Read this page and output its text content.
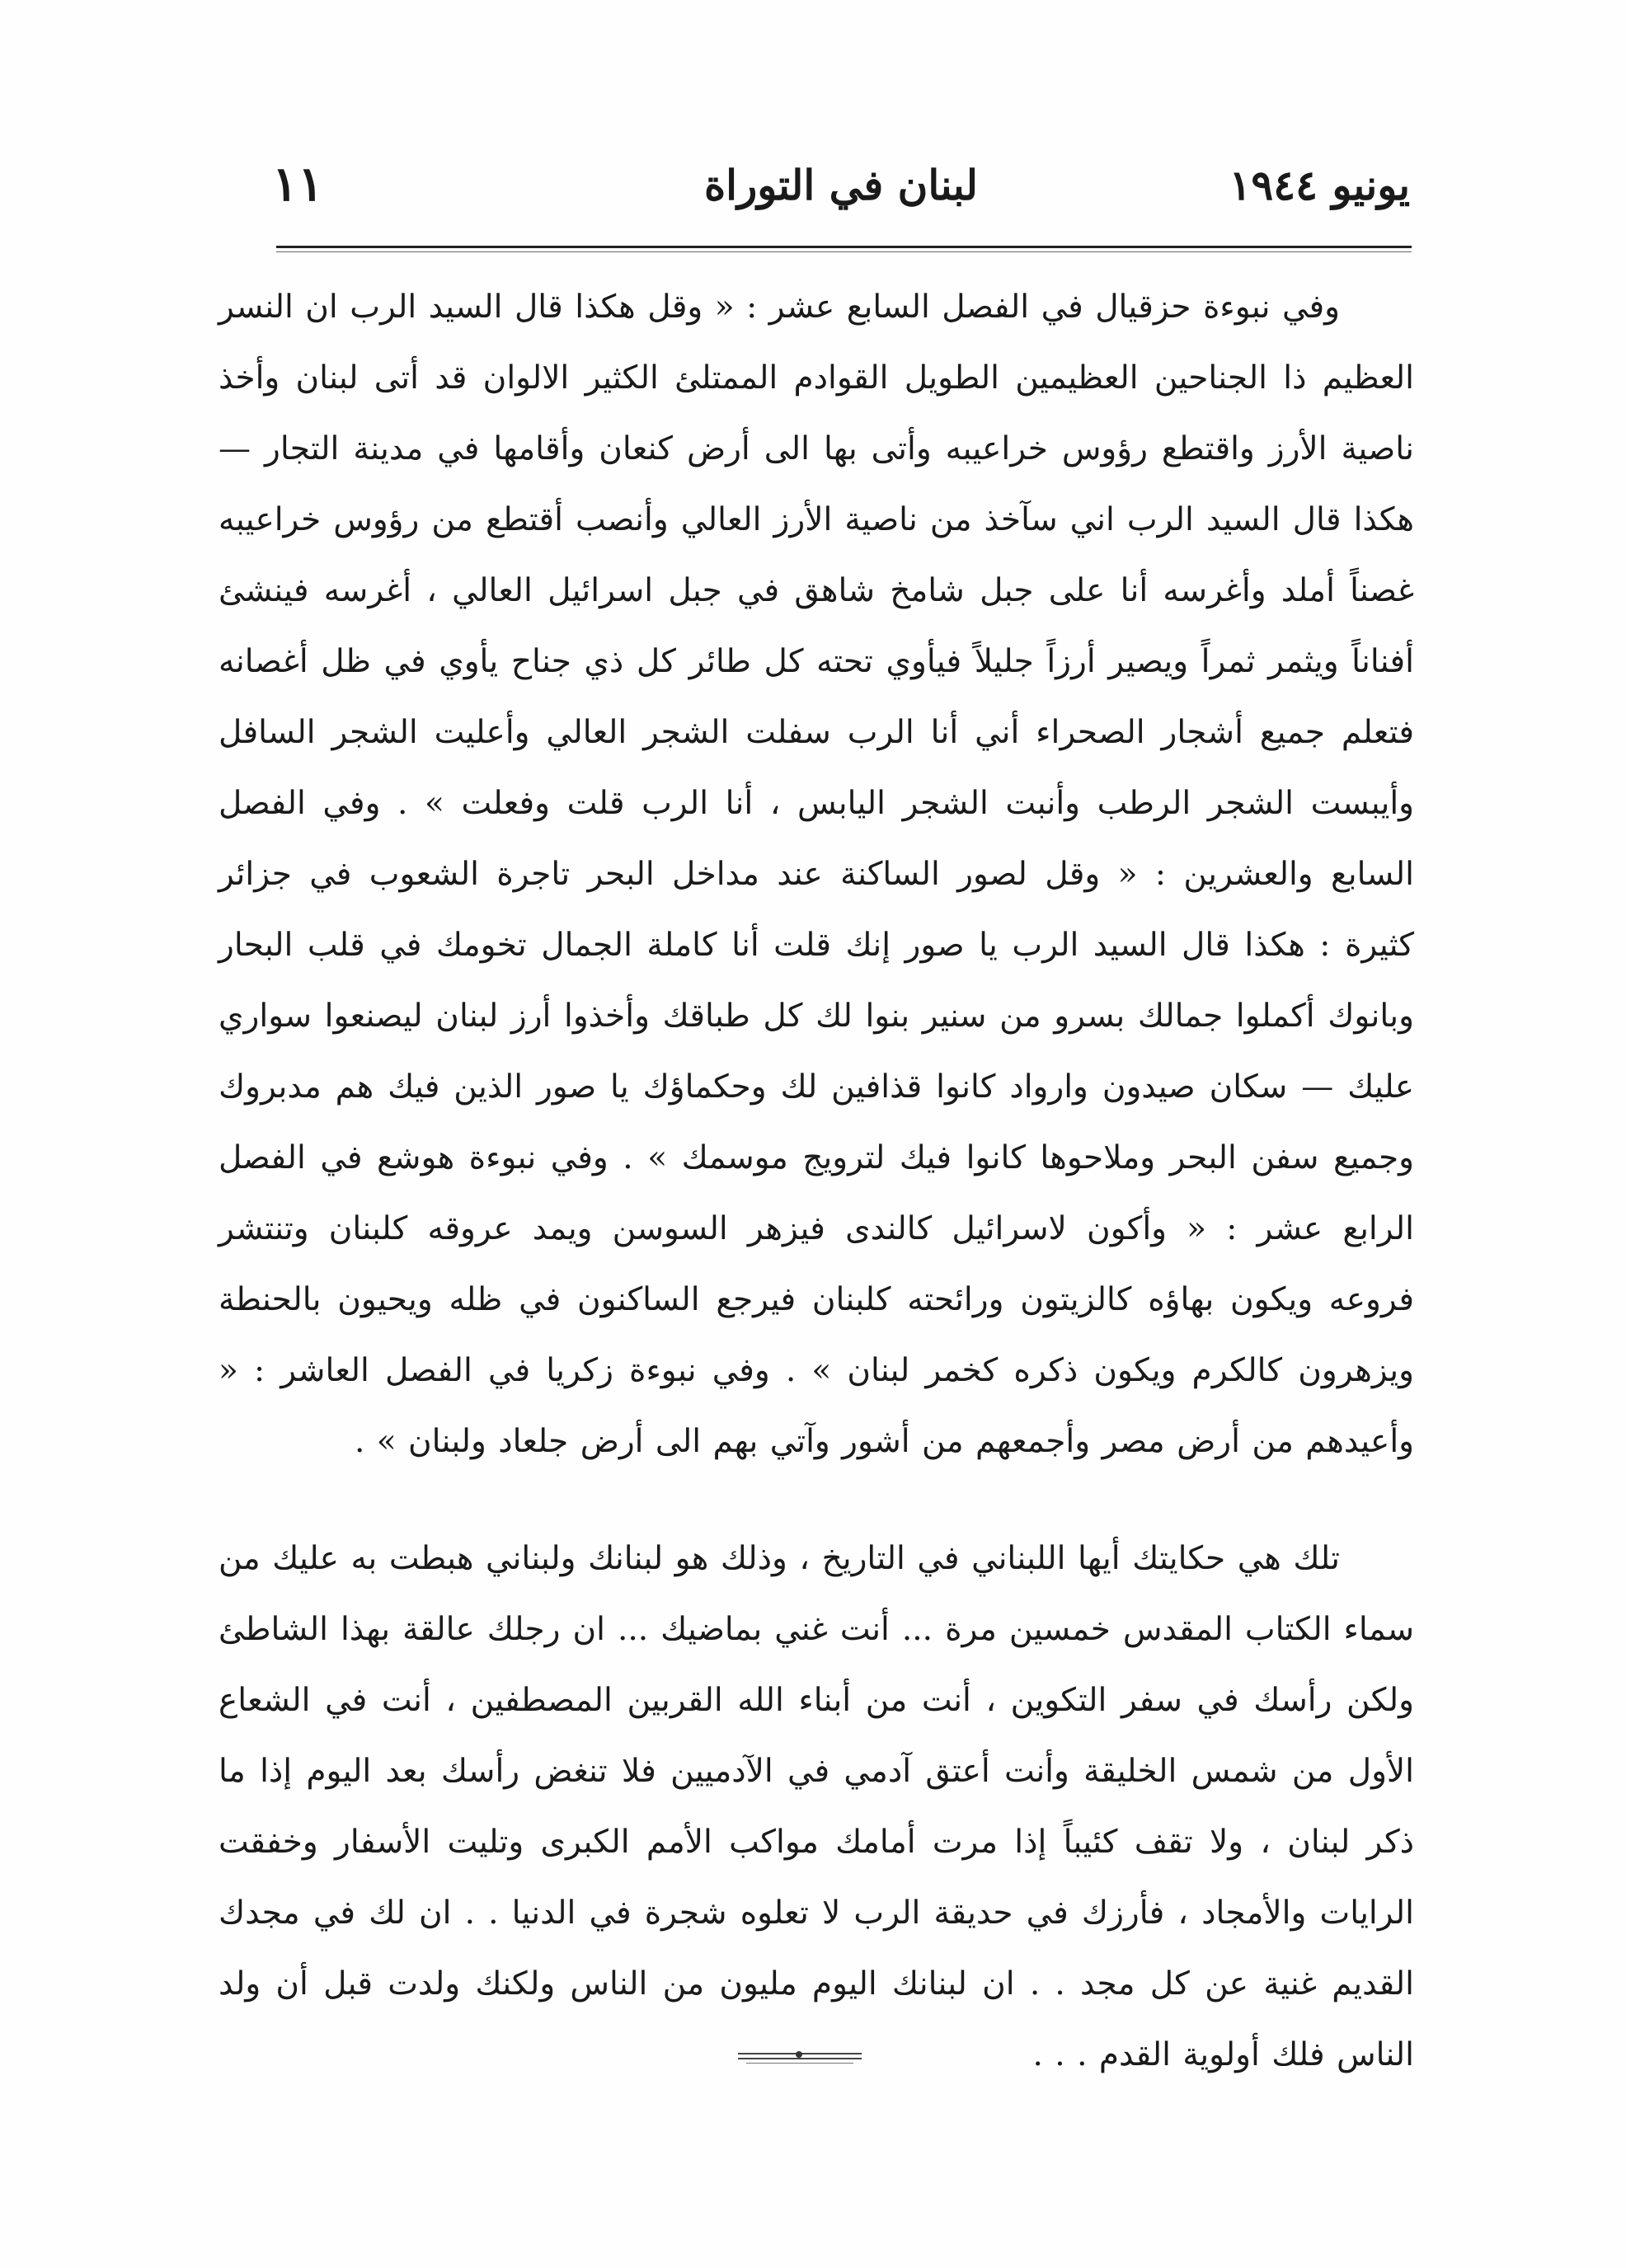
يونيو ١٩٤٤
لبنان في التوراة
١١

وفي نبوءة حزقيال في الفصل السابع عشر : « وقل هكذا قال السيد الرب ان النسر العظيم ذا الجناحين العظيمين الطويل القوادم الممتلئ الكثير الالوان قد أتى لبنان وأخذ ناصية الأرز واقتطع رؤوس خراعيبه وأتى بها الى أرض كنعان وأقامها في مدينة التجار — هكذا قال السيد الرب اني سآخذ من ناصية الأرز العالي وأنصب أقتطع من رؤوس خراعيبه غصناً أملد وأغرسه أنا على جبل شامخ شاهق في جبل اسرائيل العالي ، أغرسه فينشئ أفناناً ويثمر ثمراً ويصير أرزاً جليلاً فيأوي تحته كل طائر كل ذي جناح يأوي في ظل أغصانه فتعلم جميع أشجار الصحراء أني أنا الرب سفلت الشجر العالي وأعليت الشجر السافل وأيبست الشجر الرطب وأنبت الشجر اليابس ، أنا الرب قلت وفعلت » . وفي الفصل السابع والعشرين : « وقل لصور الساكنة عند مداخل البحر تاجرة الشعوب في جزائر كثيرة : هكذا قال السيد الرب يا صور إنك قلت أنا كاملة الجمال تخومك في قلب البحار وبانوك أكملوا جمالك بسرو من سنير بنوا لك كل طباقك وأخذوا أرز لبنان ليصنعوا سواري عليك — سكان صيدون وارواد كانوا قذافين لك وحكماؤك يا صور الذين فيك هم مدبروك وجميع سفن البحر وملاحوها كانوا فيك لترويج موسمك » . وفي نبوءة هوشع في الفصل الرابع عشر : « وأكون لاسرائيل كالندى فيزهر السوسن ويمد عروقه كلبنان وتنتشر فروعه ويكون بهاؤه كالزيتون ورائحته كلبنان فيرجع الساكنون في ظله ويحيون بالحنطة ويزهرون كالكرم ويكون ذكره كخمر لبنان » . وفي نبوءة زكريا في الفصل العاشر : « وأعيدهم من أرض مصر وأجمعهم من أشور وآتي بهم الى أرض جلعاد ولبنان » .

تلك هي حكايتك أيها اللبناني في التاريخ ، وذلك هو لبنانك ولبناني هبطت به عليك من سماء الكتاب المقدس خمسين مرة ... أنت غني بماضيك ... ان رجلك عالقة بهذا الشاطئ ولكن رأسك في سفر التكوين ، أنت من أبناء الله القربين المصطفين ، أنت في الشعاع الأول من شمس الخليقة وأنت أعتق آدمي في الآدميين فلا تنغض رأسك بعد اليوم إذا ما ذكر لبنان ، ولا تقف كئيباً إذا مرت أمامك مواكب الأمم الكبرى وتليت الأسفار وخفقت الرايات والأمجاد ، فأرزك في حديقة الرب لا تعلوه شجرة في الدنيا . . ان لك في مجدك القديم غنية عن كل مجد . . ان لبنانك اليوم مليون من الناس ولكنك ولدت قبل أن ولد الناس فلك أولوية القدم . . .
